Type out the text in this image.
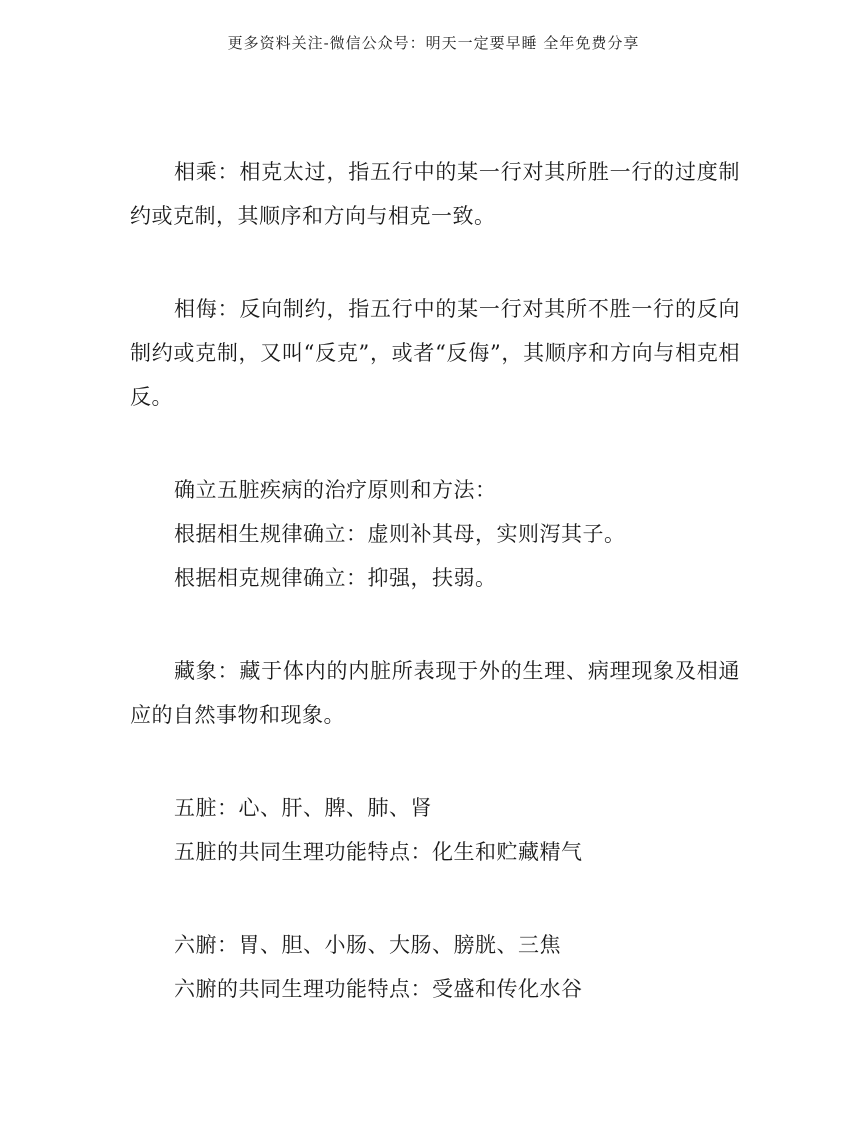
更多资料关注-微信公众号：明天一定要早睡 全年免费分享

相乘：相克太过，指五行中的某一行对其所胜一行的过度制约或克制，其顺序和方向与相克一致。

相侮：反向制约，指五行中的某一行对其所不胜一行的反向制约或克制，又叫“反克”，或者“反侮”，其顺序和方向与相克相反。

确立五脏疾病的治疗原则和方法：

根据相生规律确立：虚则补其母，实则泻其子。

根据相克规律确立：抑强，扶弱。

藏象：藏于体内的内脏所表现于外的生理、病理现象及相通应的自然事物和现象。

五脏：心、肝、脾、肺、肾

五脏的共同生理功能特点：化生和贮藏精气

六腑：胃、胆、小肠、大肠、膀胱、三焦

六腑的共同生理功能特点：受盛和传化水谷
